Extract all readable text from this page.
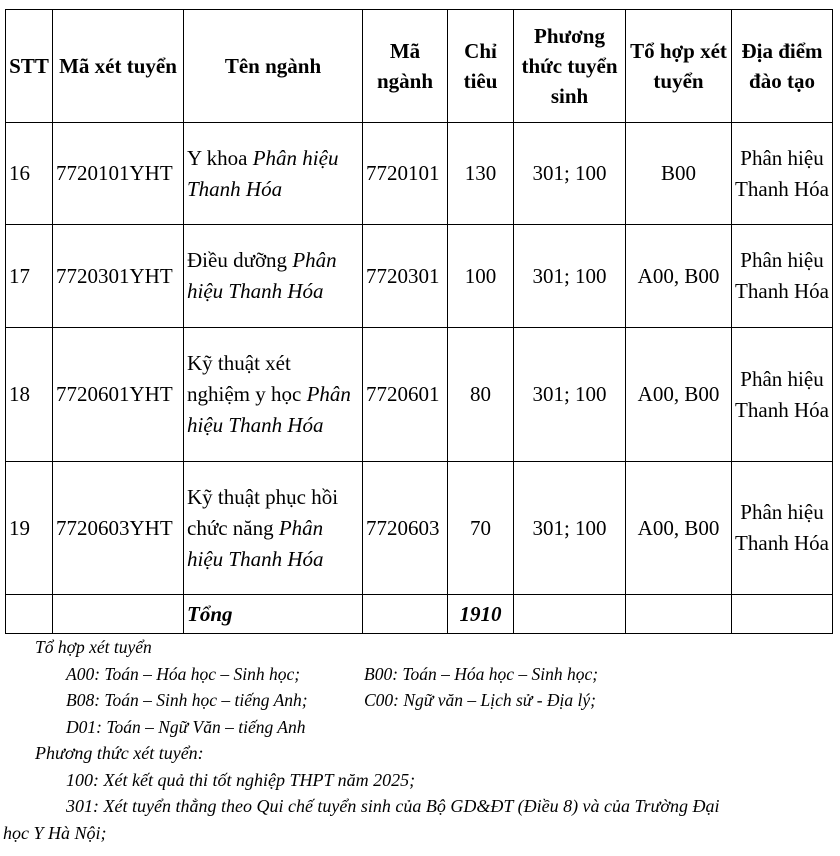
STT	Mã xét tuyển	Tên ngành	Mã ngành	Chỉ tiêu	Phương thức tuyển sinh	Tổ hợp xét tuyển	Địa điểm đào tạo
16	7720101YHT	Y khoa Phân hiệu Thanh Hóa	7720101	130	301; 100	B00	Phân hiệu Thanh Hóa
17	7720301YHT	Điều dưỡng Phân hiệu Thanh Hóa	7720301	100	301; 100	A00, B00	Phân hiệu Thanh Hóa
18	7720601YHT	Kỹ thuật xét nghiệm y học Phân hiệu Thanh Hóa	7720601	80	301; 100	A00, B00	Phân hiệu Thanh Hóa
19	7720603YHT	Kỹ thuật phục hồi chức năng Phân hiệu Thanh Hóa	7720603	70	301; 100	A00, B00	Phân hiệu Thanh Hóa
		Tổng		1910			
Tổ hợp xét tuyển
A00: Toán – Hóa học – Sinh học;	B00: Toán – Hóa học – Sinh học;
B08: Toán – Sinh học – tiếng Anh;	C00: Ngữ văn – Lịch sử - Địa lý;
D01: Toán – Ngữ Văn – tiếng Anh
Phương thức xét tuyển:
100: Xét kết quả thi tốt nghiệp THPT năm 2025;
301: Xét tuyển thẳng theo Qui chế tuyển sinh của Bộ GD&ĐT (Điều 8) và của Trường Đại
học Y Hà Nội;
